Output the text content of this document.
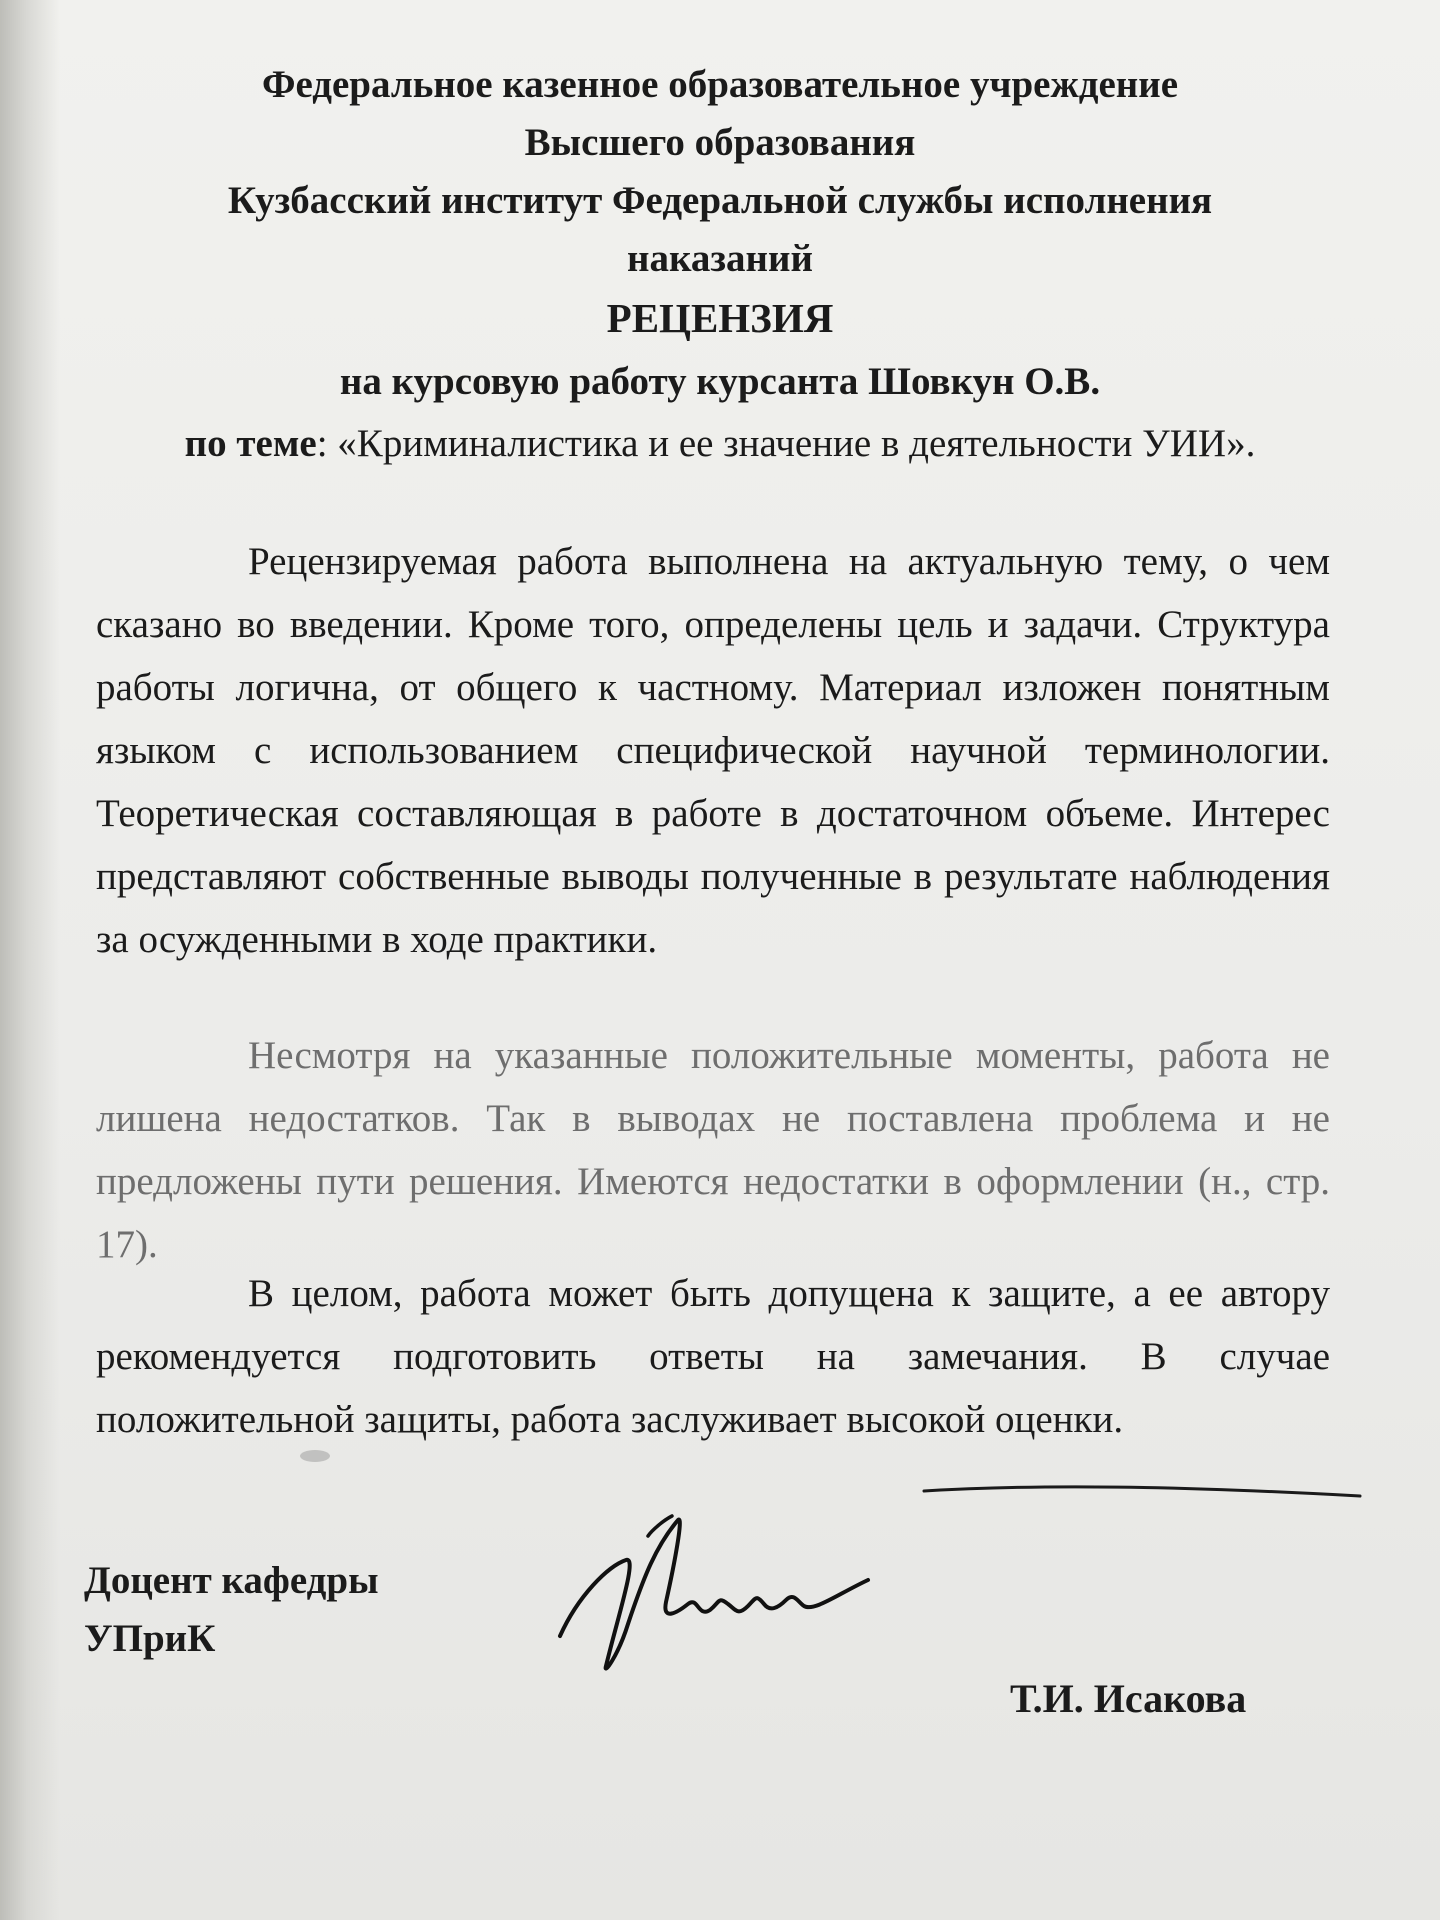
Федеральное казенное образовательное учреждение
Высшего образования
Кузбасский институт Федеральной службы исполнения
наказаний
РЕЦЕНЗИЯ
на курсовую работу курсанта Шовкун О.В.
по теме: «Криминалистика и ее значение в деятельности УИИ».

Рецензируемая работа выполнена на актуальную тему, о чем сказано во введении. Кроме того, определены цель и задачи. Структура работы логична, от общего к частному. Материал изложен понятным языком с использованием специфической научной терминологии. Теоретическая составляющая в работе в достаточном объеме. Интерес представляют собственные выводы полученные в результате наблюдения за осужденными в ходе практики.

Несмотря на указанные положительные моменты, работа не лишена недостатков. Так в выводах не поставлена проблема и не предложены пути решения. Имеются недостатки в оформлении (н., стр. 17).

В целом, работа может быть допущена к защите, а ее автору рекомендуется подготовить ответы на замечания. В случае положительной защиты, работа заслуживает высокой оценки.

Доцент кафедры
УПриК
Т.И. Исакова
